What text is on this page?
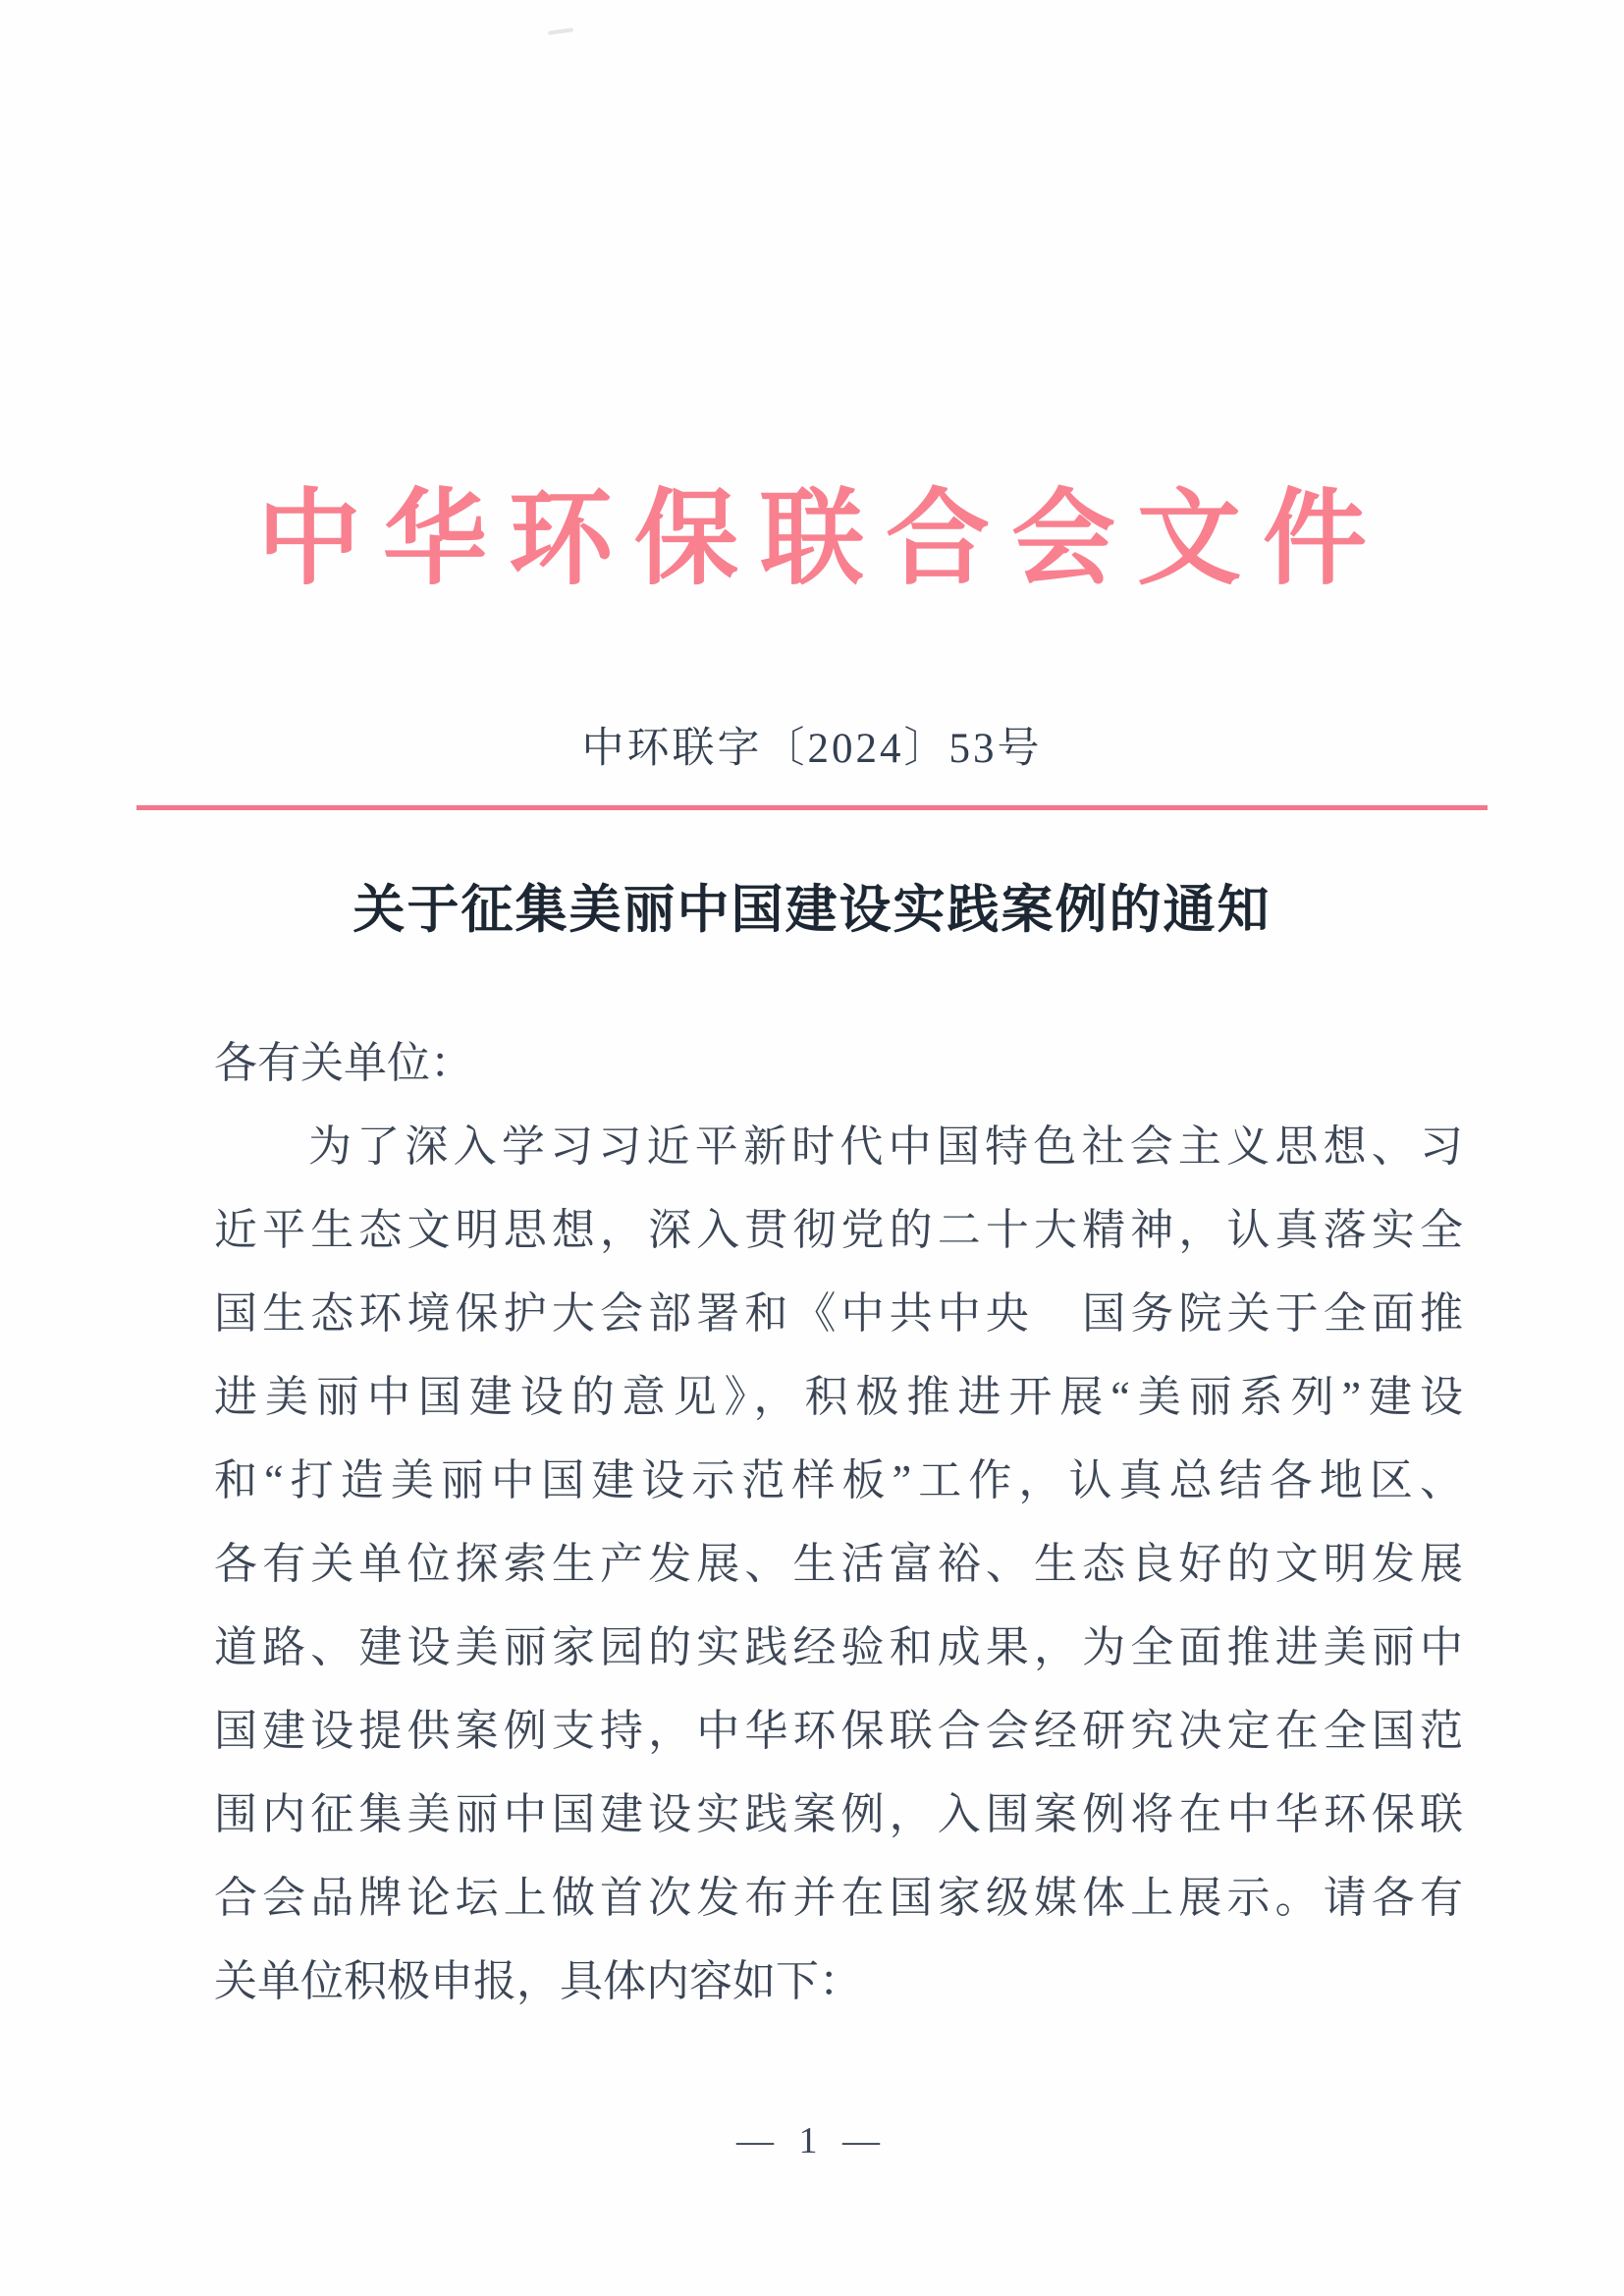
中华环保联合会文件
中环联字〔2024〕53号
关于征集美丽中国建设实践案例的通知
各有关单位：
为了深入学习习近平新时代中国特色社会主义思想、习
近平生态文明思想，深入贯彻党的二十大精神，认真落实全
国生态环境保护大会部署和《中共中央　国务院关于全面推
进美丽中国建设的意见》，积极推进开展“美丽系列”建设
和“打造美丽中国建设示范样板”工作，认真总结各地区、
各有关单位探索生产发展、生活富裕、生态良好的文明发展
道路、建设美丽家园的实践经验和成果，为全面推进美丽中
国建设提供案例支持，中华环保联合会经研究决定在全国范
围内征集美丽中国建设实践案例，入围案例将在中华环保联
合会品牌论坛上做首次发布并在国家级媒体上展示。请各有
关单位积极申报，具体内容如下：
— 1 —
